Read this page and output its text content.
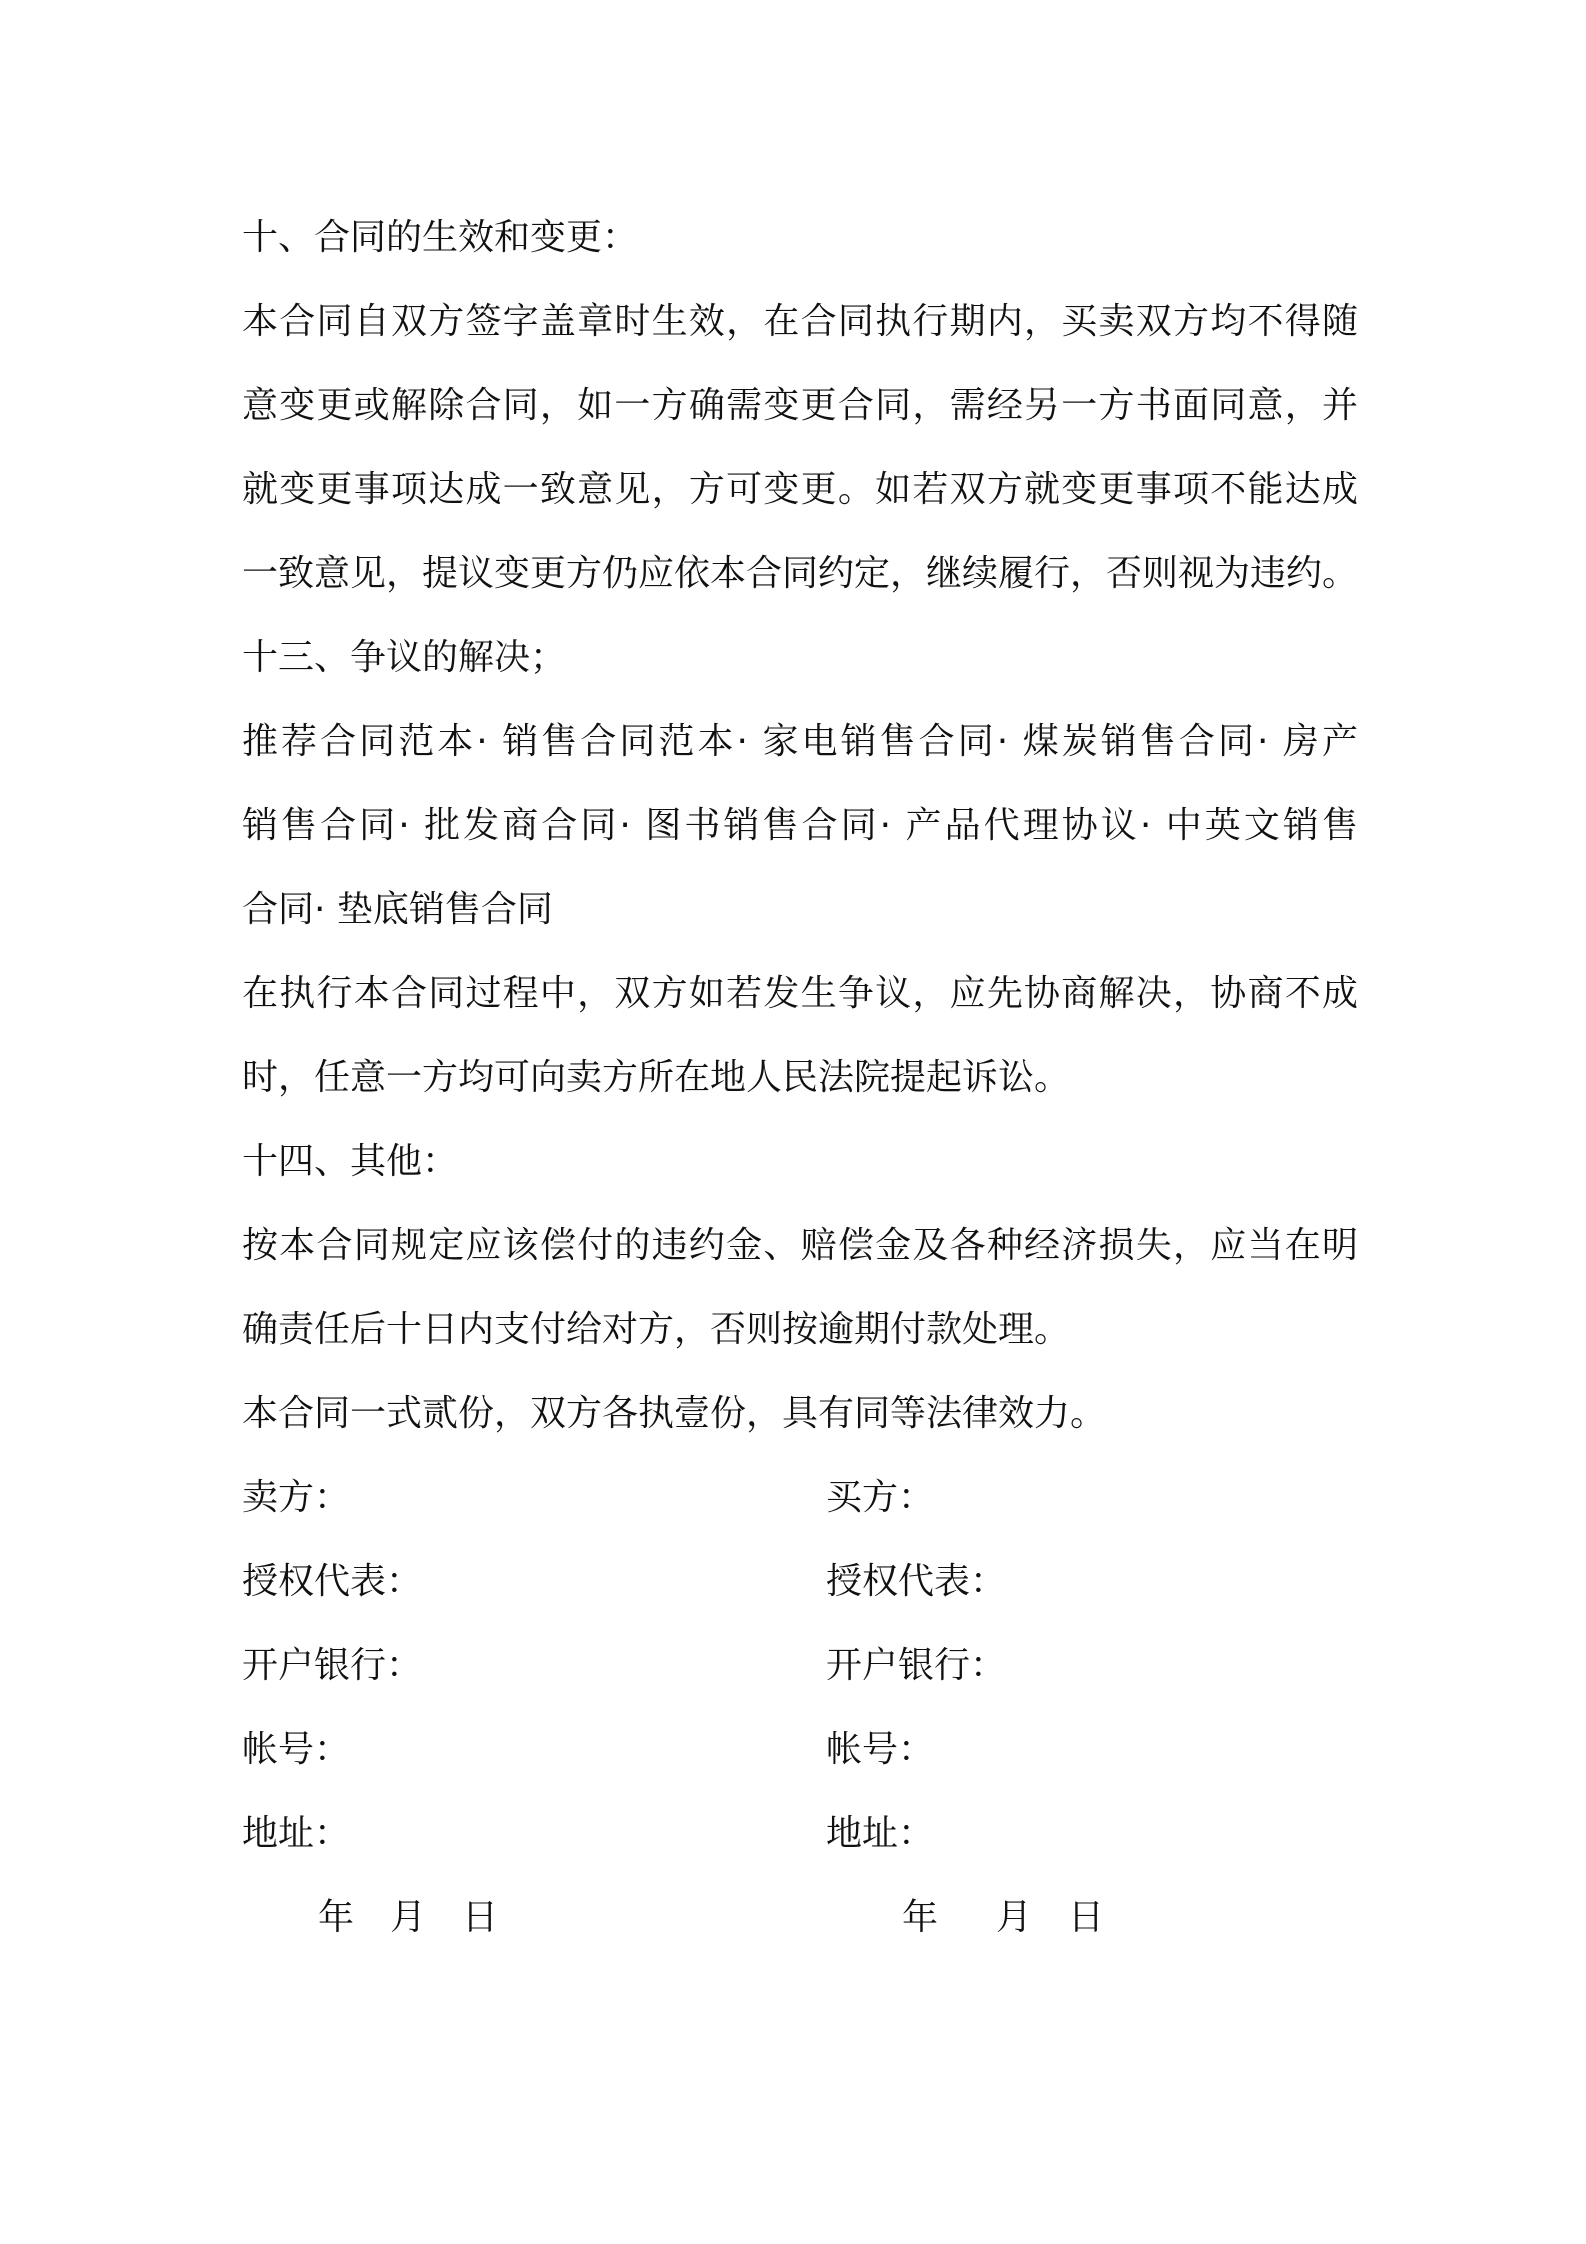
十、合同的生效和变更：
本合同自双方签字盖章时生效，在合同执行期内，买卖双方均不得随
意变更或解除合同，如一方确需变更合同，需经另一方书面同意，并
就变更事项达成一致意见，方可变更。如若双方就变更事项不能达成
一致意见，提议变更方仍应依本合同约定，继续履行，否则视为违约。
十三、争议的解决；
推荐合同范本· 销售合同范本· 家电销售合同· 煤炭销售合同· 房产
销售合同· 批发商合同· 图书销售合同· 产品代理协议· 中英文销售
合同· 垫底销售合同
在执行本合同过程中，双方如若发生争议，应先协商解决，协商不成
时，任意一方均可向卖方所在地人民法院提起诉讼。
十四、其他：
按本合同规定应该偿付的违约金、赔偿金及各种经济损失，应当在明
确责任后十日内支付给对方，否则按逾期付款处理。
本合同一式贰份，双方各执壹份，具有同等法律效力。
卖方：	买方：
授权代表：	授权代表：
开户银行：	开户银行：
帐号：	帐号：
地址：	地址：
年 月 日	年 月 日
